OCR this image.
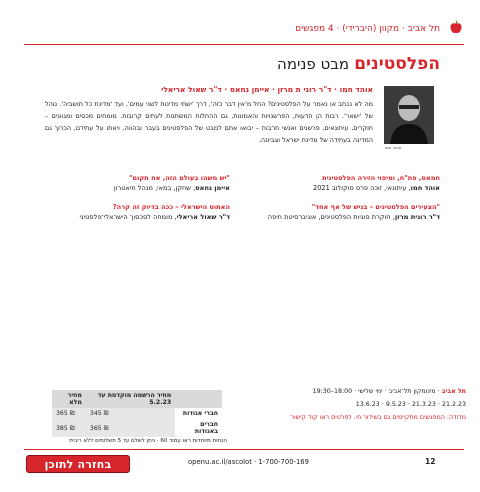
תל אביב · מקוון (היברידי) · 4 מפגשים
הפלסטינים מבט פנימה
אוהד חמו
אוהד חמו · ד"ר רוני ת מרזן · איימן נחאס · ד"ר שאול אריאלי
מה לא נכתב או נאמר על הפלסטינים? החל מ'אין דבר כזה', דרך 'ישתי מדינות לשני עמים', ועד 'מדינת כל תושביה'. נוהל של 'ישאר'. רבות הן הדעות, הפרשנויות והאמונות, גם ההחלות המשתנות לעתים קרובות. מומחים מכסים ומגוונים – חוקרים, עיתונאים, פרשנים ואנשי תרבות – יבואו אתם למבט של הפלסטינים בעבר ובהווה, ויאתו על עתידם, הכרוך גם המדינה בעתידה של מדינת ישראל וצביונה.
חמאס, פת"ח, ומיפוי הזירה הפלסטינית
אוהד חמו, עיתונאי, זוכה פרס סוקולוב 2021
"יש משהו בעולם הזה, אח תקום"
איימן נחאס, שחקן, במאי, מנהל תיאטרון
"הצעירים הפלסטינים – בניש של אף אחד"
ד"ר רונית מרזן, חוקרת סוגיות הפלסטינים, אוניברסיטת חיפה
האתוס הישראלי – ככה בדיוק זה קרה?
ד"ר שאול אריאלי, מומחה לסכסוך הישראלי־פלסטיני
תל אביב · מינומקון תל־אביב · ימי שלישי · 18:00–19:30
21.2.23 · 21.3.23 · 9.5.23 · 13.6.23
מדודה: המפגשים מתקיימים גם בשידור חי. לפרטים ראו קוד קישור
	מחיר הרשמה מוקדמת עד 5.2.23	מחיר מלא
חברי אגודות	₪ 345	₪ 365
חברים באגודות	₪ 365	₪ 385
הנחות מיוחדות ראו עמוד 60 · ניתן לשלם עד 5 תשלומים ללא ריבית
בחזרה לתוכן העניינים
openu.ac.il/ascolot · 1-700-700-169	12
